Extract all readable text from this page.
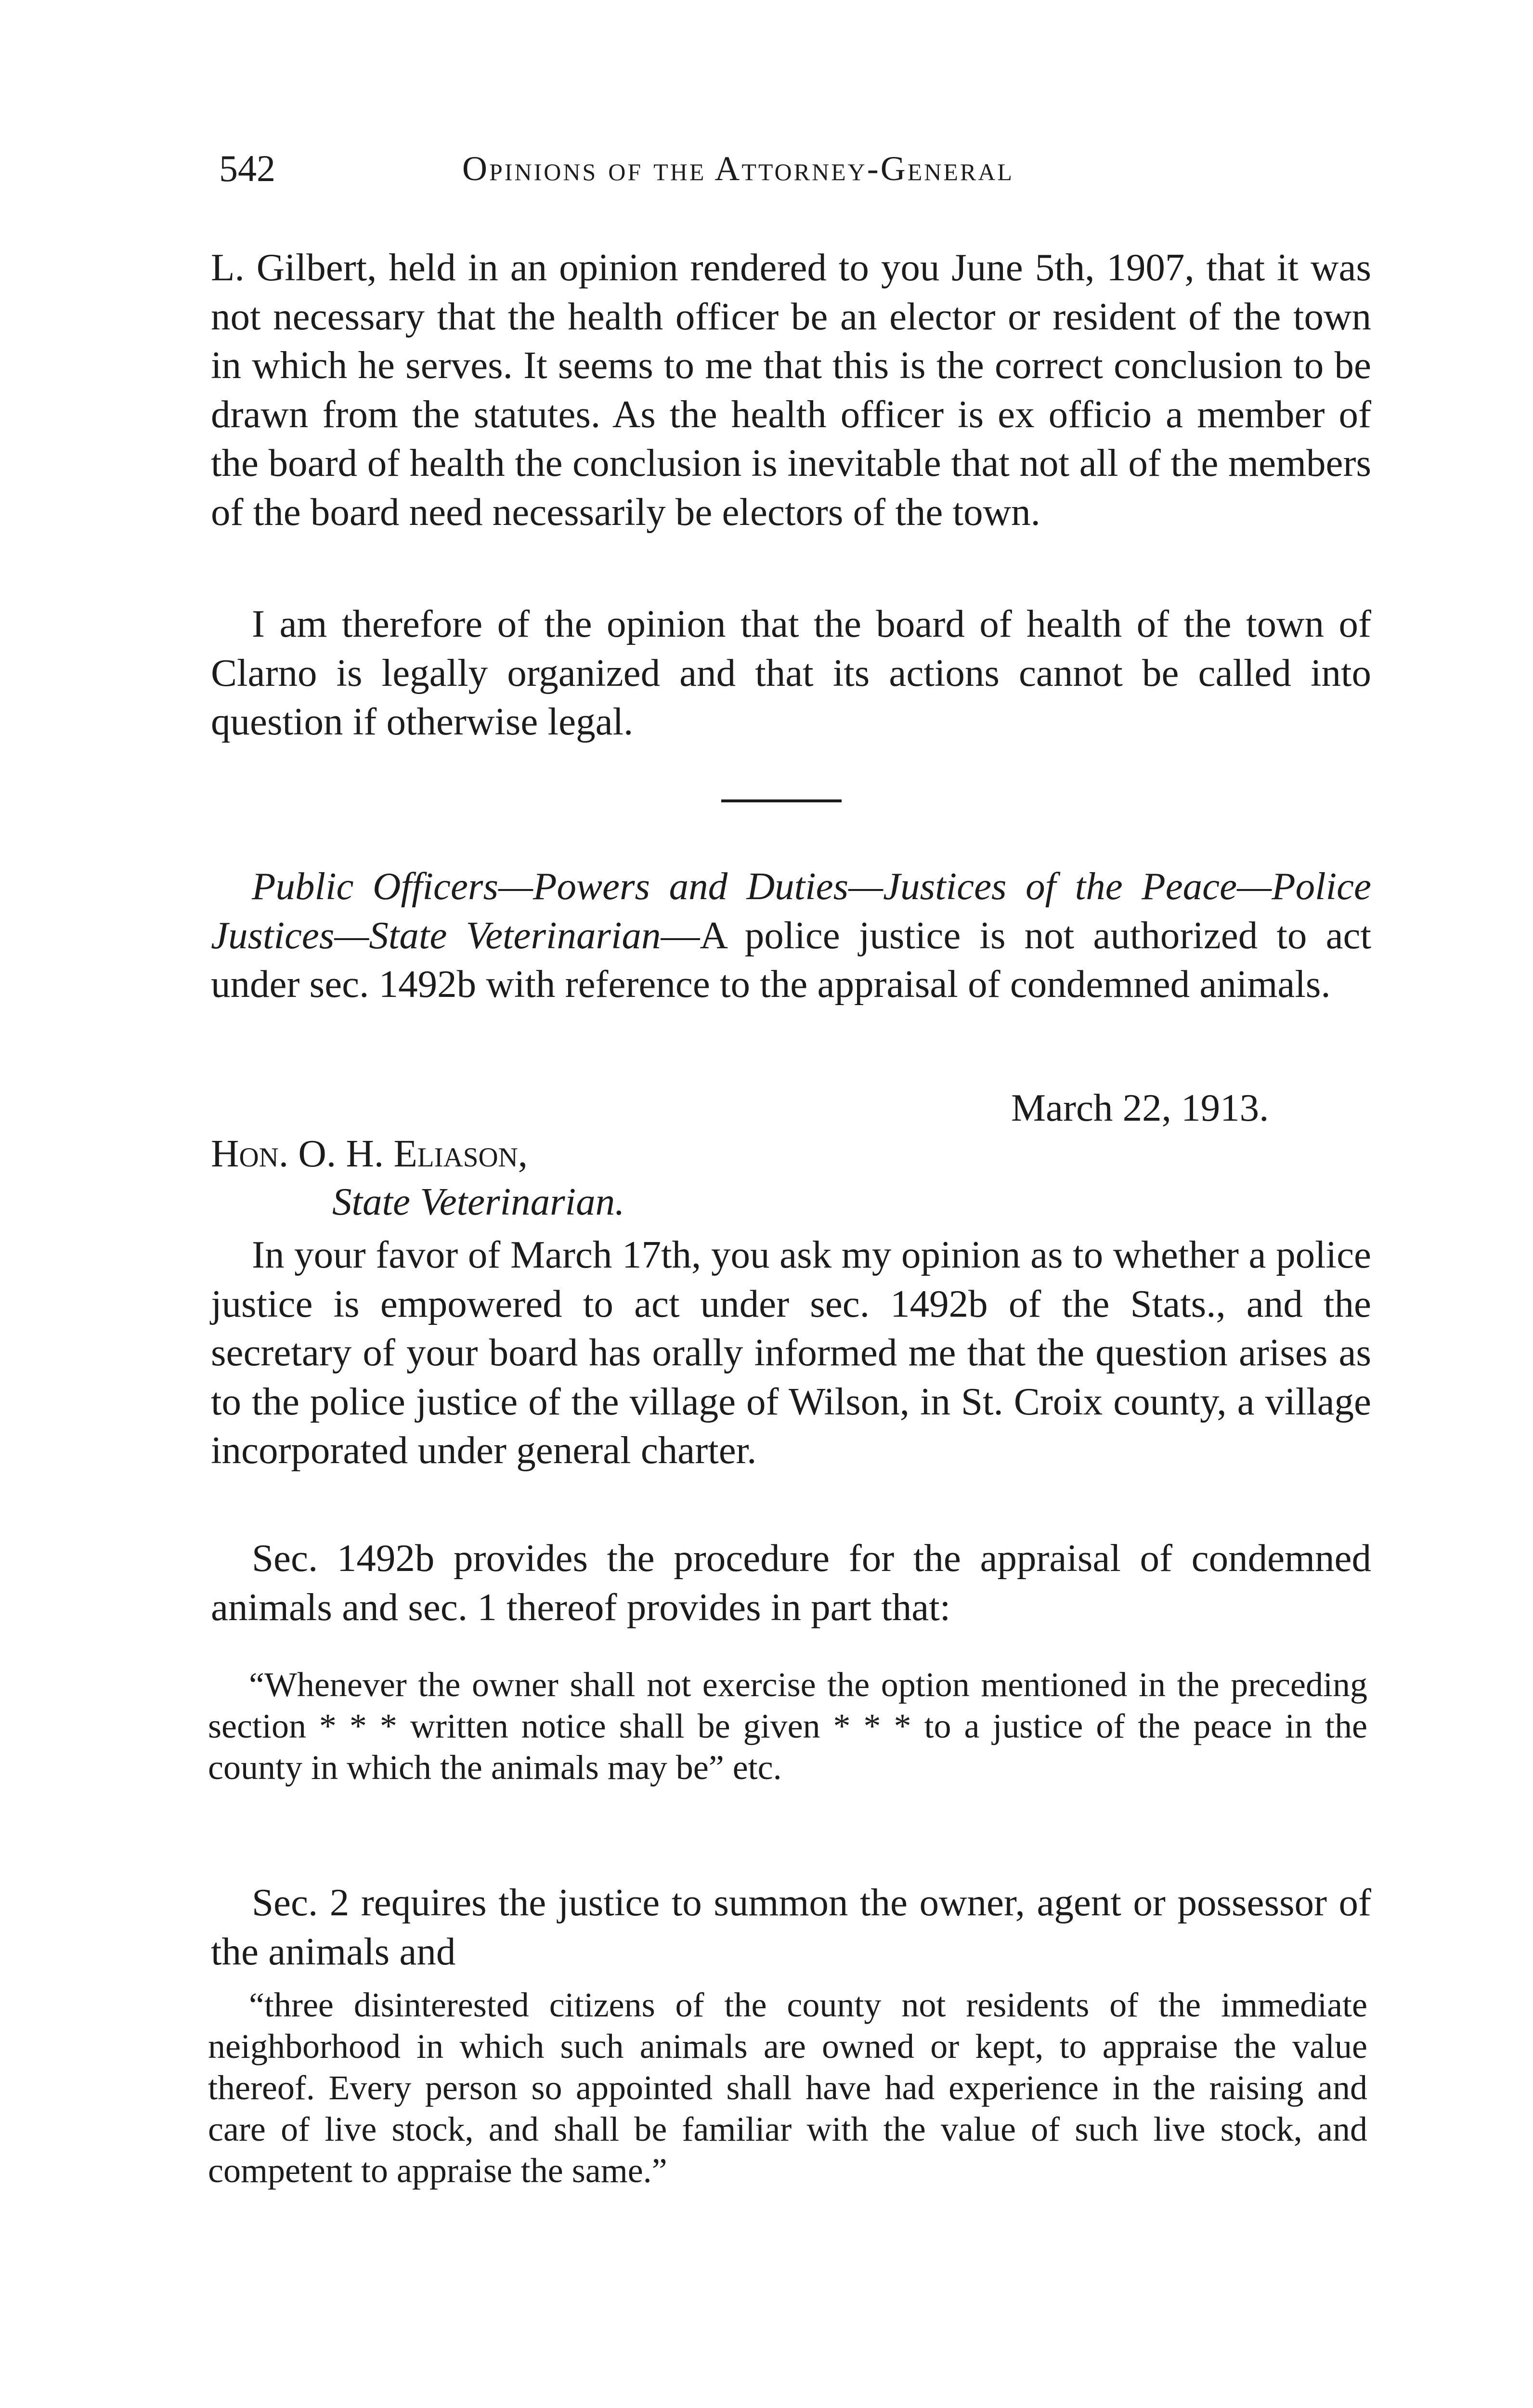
542	Opinions of the Attorney-General

L. Gilbert, held in an opinion rendered to you June 5th, 1907, that it was not necessary that the health officer be an elector or resident of the town in which he serves. It seems to me that this is the correct conclusion to be drawn from the statutes. As the health officer is ex officio a member of the board of health the conclusion is inevitable that not all of the members of the board need necessarily be electors of the town.

I am therefore of the opinion that the board of health of the town of Clarno is legally organized and that its actions cannot be called into question if otherwise legal.

Public Officers—Powers and Duties—Justices of the Peace—Police Justices—State Veterinarian—A police justice is not authorized to act under sec. 1492b with reference to the appraisal of condemned animals.

March 22, 1913.
Hon. O. H. Eliason,
State Veterinarian.

In your favor of March 17th, you ask my opinion as to whether a police justice is empowered to act under sec. 1492b of the Stats., and the secretary of your board has orally informed me that the question arises as to the police justice of the village of Wilson, in St. Croix county, a village incorporated under general charter.

Sec. 1492b provides the procedure for the appraisal of condemned animals and sec. 1 thereof provides in part that:

“Whenever the owner shall not exercise the option mentioned in the preceding section * * * written notice shall be given * * * to a justice of the peace in the county in which the animals may be” etc.

Sec. 2 requires the justice to summon the owner, agent or possessor of the animals and

“three disinterested citizens of the county not residents of the immediate neighborhood in which such animals are owned or kept, to appraise the value thereof. Every person so appointed shall have had experience in the raising and care of live stock, and shall be familiar with the value of such live stock, and competent to appraise the same.”
